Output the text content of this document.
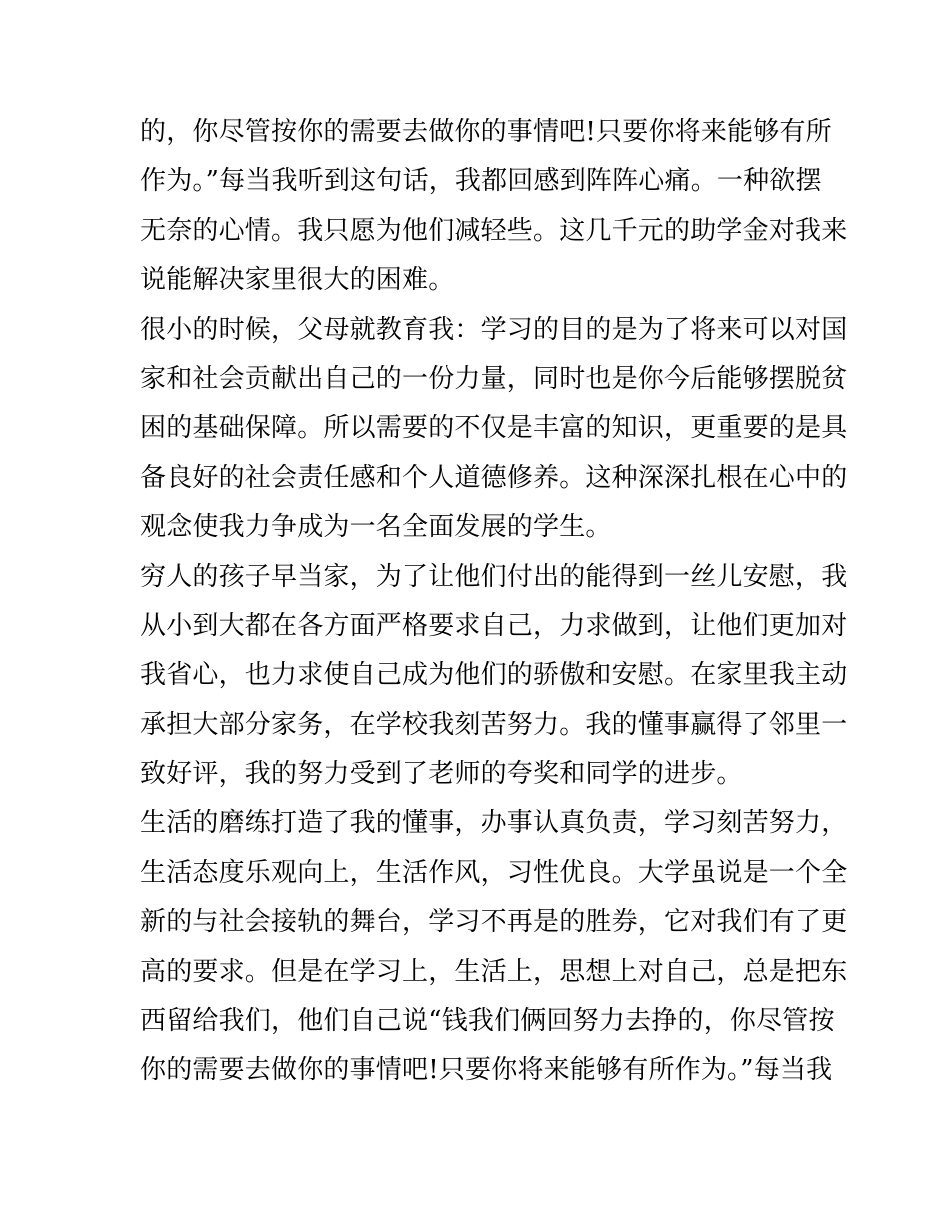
的，你尽管按你的需要去做你的事情吧!只要你将来能够有所
作为。”每当我听到这句话，我都回感到阵阵心痛。一种欲摆
无奈的心情。我只愿为他们减轻些。这几千元的助学金对我来
说能解决家里很大的困难。
很小的时候，父母就教育我：学习的目的是为了将来可以对国
家和社会贡献出自己的一份力量，同时也是你今后能够摆脱贫
困的基础保障。所以需要的不仅是丰富的知识，更重要的是具
备良好的社会责任感和个人道德修养。这种深深扎根在心中的
观念使我力争成为一名全面发展的学生。
穷人的孩子早当家，为了让他们付出的能得到一丝儿安慰，我
从小到大都在各方面严格要求自己，力求做到，让他们更加对
我省心，也力求使自己成为他们的骄傲和安慰。在家里我主动
承担大部分家务，在学校我刻苦努力。我的懂事赢得了邻里一
致好评，我的努力受到了老师的夸奖和同学的进步。
生活的磨练打造了我的懂事，办事认真负责，学习刻苦努力，
生活态度乐观向上，生活作风，习性优良。大学虽说是一个全
新的与社会接轨的舞台，学习不再是的胜券，它对我们有了更
高的要求。但是在学习上，生活上，思想上对自己，总是把东
西留给我们，他们自己说“钱我们俩回努力去挣的，你尽管按
你的需要去做你的事情吧!只要你将来能够有所作为。”每当我
